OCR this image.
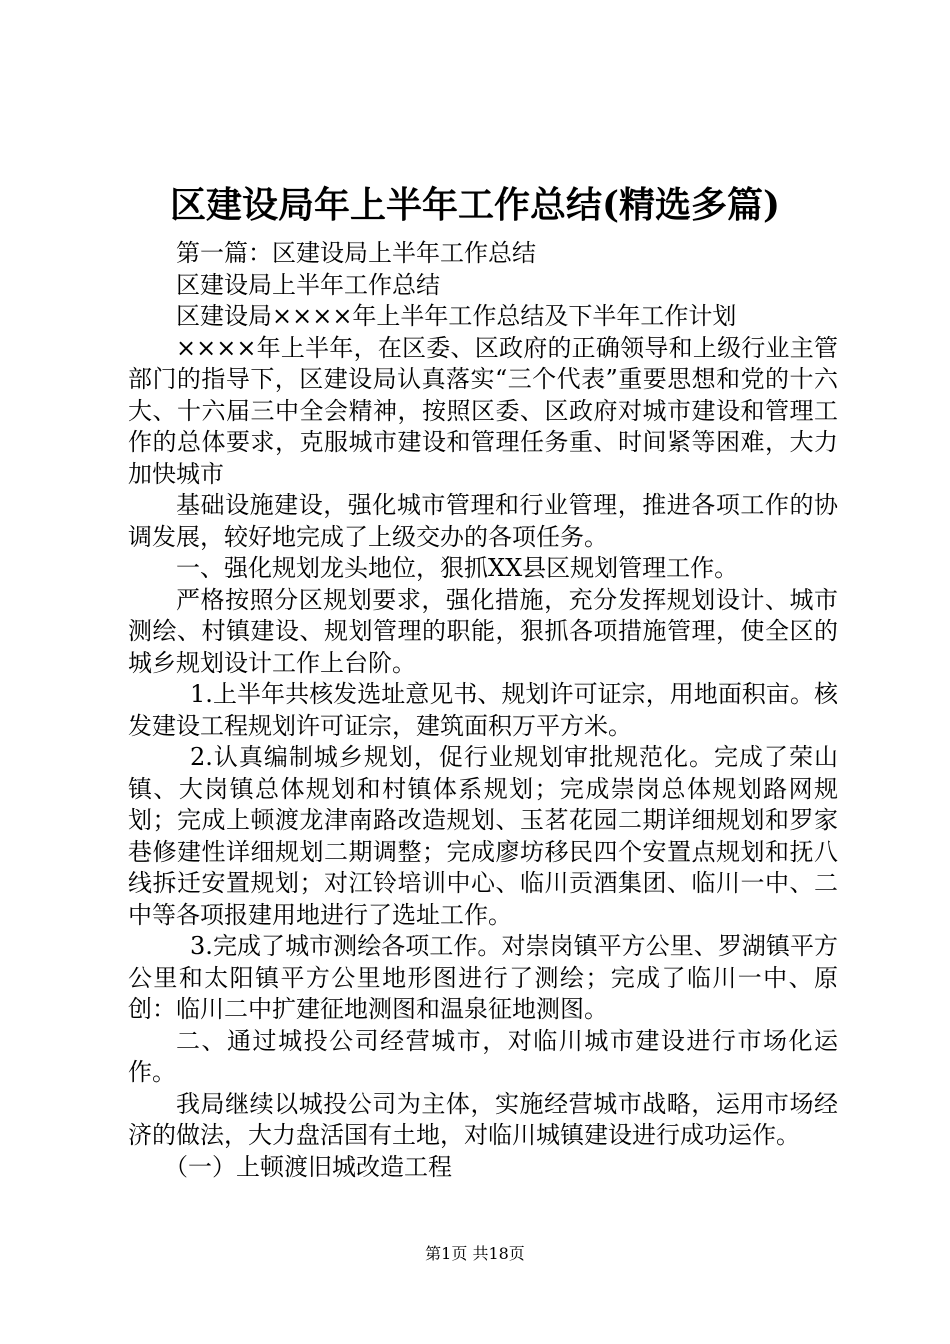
区建设局年上半年工作总结(精选多篇)

第一篇：区建设局上半年工作总结

区建设局上半年工作总结

区建设局××××年上半年工作总结及下半年工作计划

××××年上半年，在区委、区政府的正确领导和上级行业主管部门的指导下，区建设局认真落实“三个代表”重要思想和党的十六大、十六届三中全会精神，按照区委、区政府对城市建设和管理工作的总体要求，克服城市建设和管理任务重、时间紧等困难，大力加快城市

基础设施建设，强化城市管理和行业管理，推进各项工作的协调发展，较好地完成了上级交办的各项任务。

一、强化规划龙头地位，狠抓XX县区规划管理工作。

严格按照分区规划要求，强化措施，充分发挥规划设计、城市测绘、村镇建设、规划管理的职能，狠抓各项措施管理，使全区的城乡规划设计工作上台阶。

1.上半年共核发选址意见书、规划许可证宗，用地面积亩。核发建设工程规划许可证宗，建筑面积万平方米。

2.认真编制城乡规划，促行业规划审批规范化。完成了荣山镇、大岗镇总体规划和村镇体系规划；完成崇岗总体规划路网规划；完成上顿渡龙津南路改造规划、玉茗花园二期详细规划和罗家巷修建性详细规划二期调整；完成廖坊移民四个安置点规划和抚八线拆迁安置规划；对江铃培训中心、临川贡酒集团、临川一中、二中等各项报建用地进行了选址工作。

3.完成了城市测绘各项工作。对崇岗镇平方公里、罗湖镇平方公里和太阳镇平方公里地形图进行了测绘；完成了临川一中、原创：临川二中扩建征地测图和温泉征地测图。

二、通过城投公司经营城市，对临川城市建设进行市场化运作。

我局继续以城投公司为主体，实施经营城市战略，运用市场经济的做法，大力盘活国有土地，对临川城镇建设进行成功运作。

（一）上顿渡旧城改造工程

第1页 共18页
